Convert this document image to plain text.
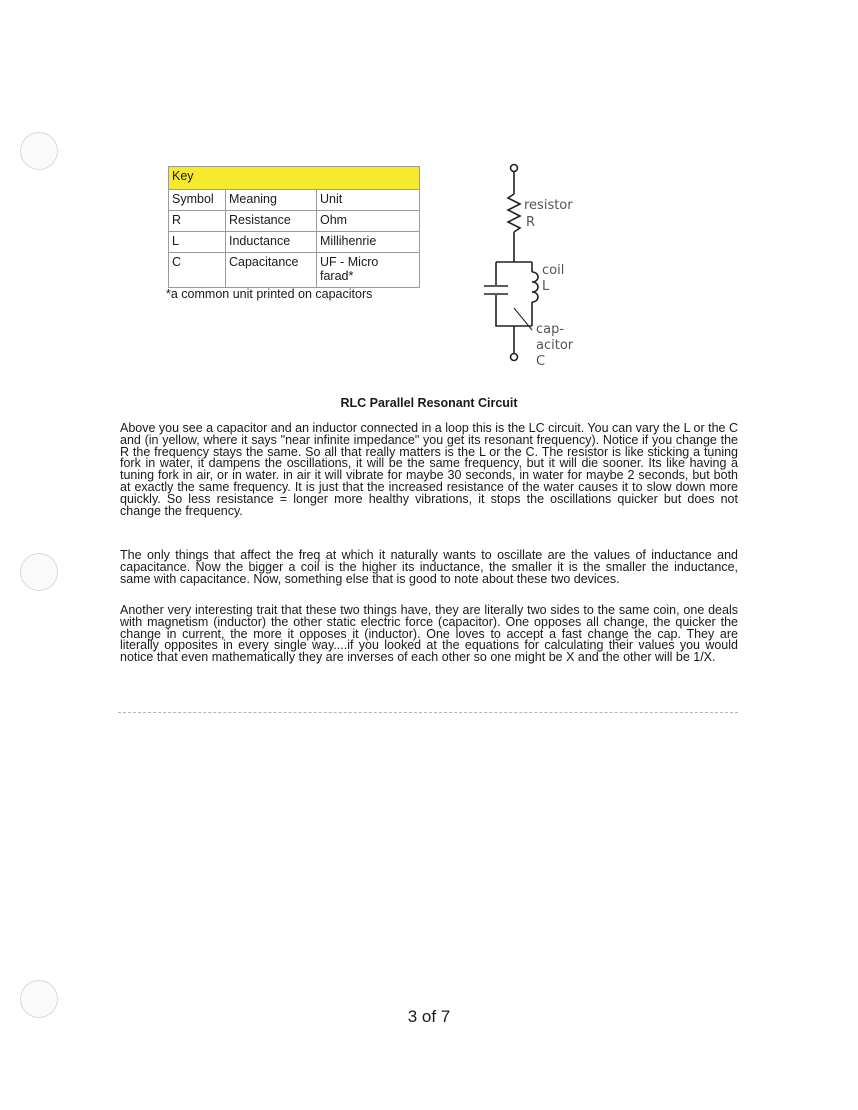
Key		
Symbol	Meaning	Unit
R	Resistance	Ohm
L	Inductance	Millihenrie
C	Capacitance	UF - Micro
farad*
*a common unit printed on capacitors
resistor
R
coil
L
cap-
acitor
C
RLC Parallel Resonant Circuit

Above you see a capacitor and an inductor connected in a loop this is the LC circuit. You can vary the L or the C and (in yellow, where it says "near infinite impedance" you get its resonant frequency). Notice if you change the R the frequency stays the same. So all that really matters is the L or the C. The resistor is like sticking a tuning fork in water, it dampens the oscillations, it will be the same frequency, but it will die sooner. Its like having a tuning fork in air, or in water. in air it will vibrate for maybe 30 seconds, in water for maybe 2 seconds, but both at exactly the same frequency. It is just that the increased resistance of the water causes it to slow down more quickly. So less resistance = longer more healthy vibrations, it stops the oscillations quicker but does not change the frequency.

The only things that affect the freq at which it naturally wants to oscillate are the values of inductance and capacitance. Now the bigger a coil is the higher its inductance, the smaller it is the smaller the inductance, same with capacitance. Now, something else that is good to note about these two devices.

Another very interesting trait that these two things have, they are literally two sides to the same coin, one deals with magnetism (inductor) the other static electric force (capacitor). One opposes all change, the quicker the change in current, the more it opposes it (inductor). One loves to accept a fast change the cap. They are literally opposites in every single way....if you looked at the equations for calculating their values you would notice that even mathematically they are inverses of each other so one might be X and the other will be 1/X.

3 of 7
